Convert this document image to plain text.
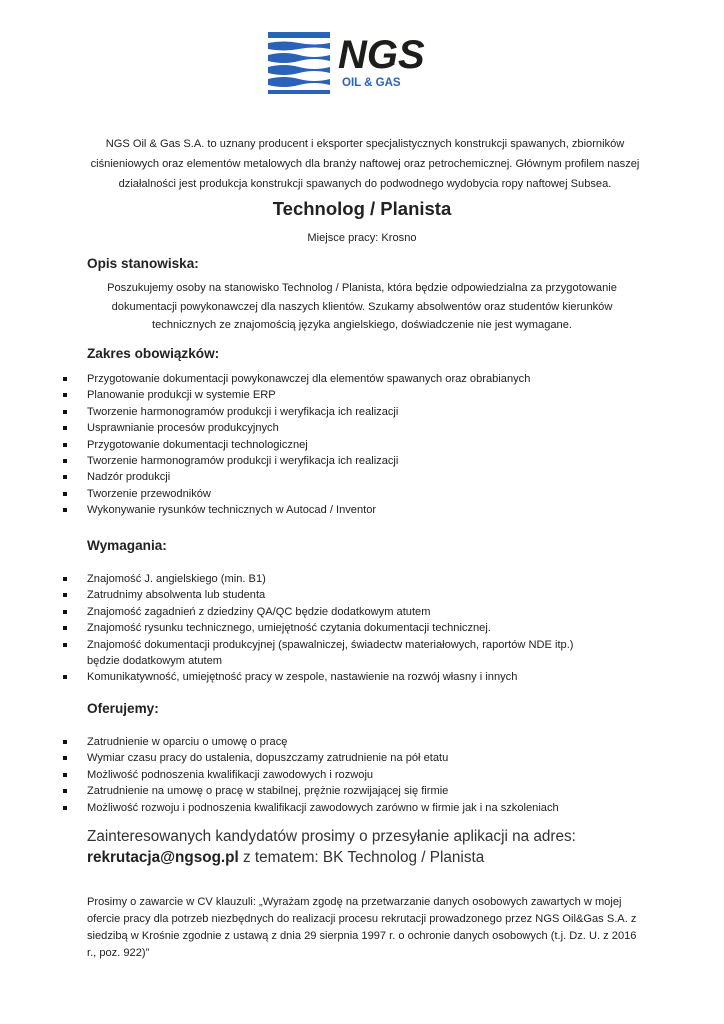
NGS
OIL & GAS
NGS Oil & Gas S.A. to uznany producent i eksporter specjalistycznych konstrukcji spawanych, zbiorników ciśnieniowych oraz elementów metalowych dla branży naftowej oraz petrochemicznej. Głównym profilem naszej działalności jest produkcja konstrukcji spawanych do podwodnego wydobycia ropy naftowej Subsea.
Technolog / Planista
Miejsce pracy: Krosno
Opis stanowiska:
Poszukujemy osoby na stanowisko Technolog / Planista, która będzie odpowiedzialna za przygotowanie dokumentacji powykonawczej dla naszych klientów. Szukamy absolwentów oraz studentów kierunków technicznych ze znajomością języka angielskiego, doświadczenie nie jest wymagane.
Zakres obowiązków:
Przygotowanie dokumentacji powykonawczej dla elementów spawanych oraz obrabianych
Planowanie produkcji w systemie ERP
Tworzenie harmonogramów produkcji i weryfikacja ich realizacji
Usprawnianie procesów produkcyjnych
Przygotowanie dokumentacji technologicznej
Tworzenie harmonogramów produkcji i weryfikacja ich realizacji
Nadzór produkcji
Tworzenie przewodników
Wykonywanie rysunków technicznych w Autocad / Inventor
Wymagania:
Znajomość J. angielskiego (min. B1)
Zatrudnimy absolwenta lub studenta
Znajomość zagadnień z dziedziny QA/QC będzie dodatkowym atutem
Znajomość rysunku technicznego, umiejętność czytania dokumentacji technicznej.
Znajomość dokumentacji produkcyjnej (spawalniczej, świadectw materiałowych, raportów NDE itp.) będzie dodatkowym atutem
Komunikatywność, umiejętność pracy w zespole, nastawienie na rozwój własny i innych
Oferujemy:
Zatrudnienie w oparciu o umowę o pracę
Wymiar czasu pracy do ustalenia, dopuszczamy zatrudnienie na pół etatu
Możliwość podnoszenia kwalifikacji zawodowych i rozwoju
Zatrudnienie na umowę o pracę w stabilnej, prężnie rozwijającej się firmie
Możliwość rozwoju i podnoszenia kwalifikacji zawodowych zarówno w firmie jak i na szkoleniach
Zainteresowanych kandydatów prosimy o przesyłanie aplikacji na adres:
rekrutacja@ngsog.pl z tematem: BK Technolog / Planista
Prosimy o zawarcie w CV klauzuli: „Wyrażam zgodę na przetwarzanie danych osobowych zawartych w mojej ofercie pracy dla potrzeb niezbędnych do realizacji procesu rekrutacji prowadzonego przez NGS Oil&Gas S.A. z siedzibą w Krośnie zgodnie z ustawą z dnia 29 sierpnia 1997 r. o ochronie danych osobowych (t.j. Dz. U. z 2016 r., poz. 922)”
